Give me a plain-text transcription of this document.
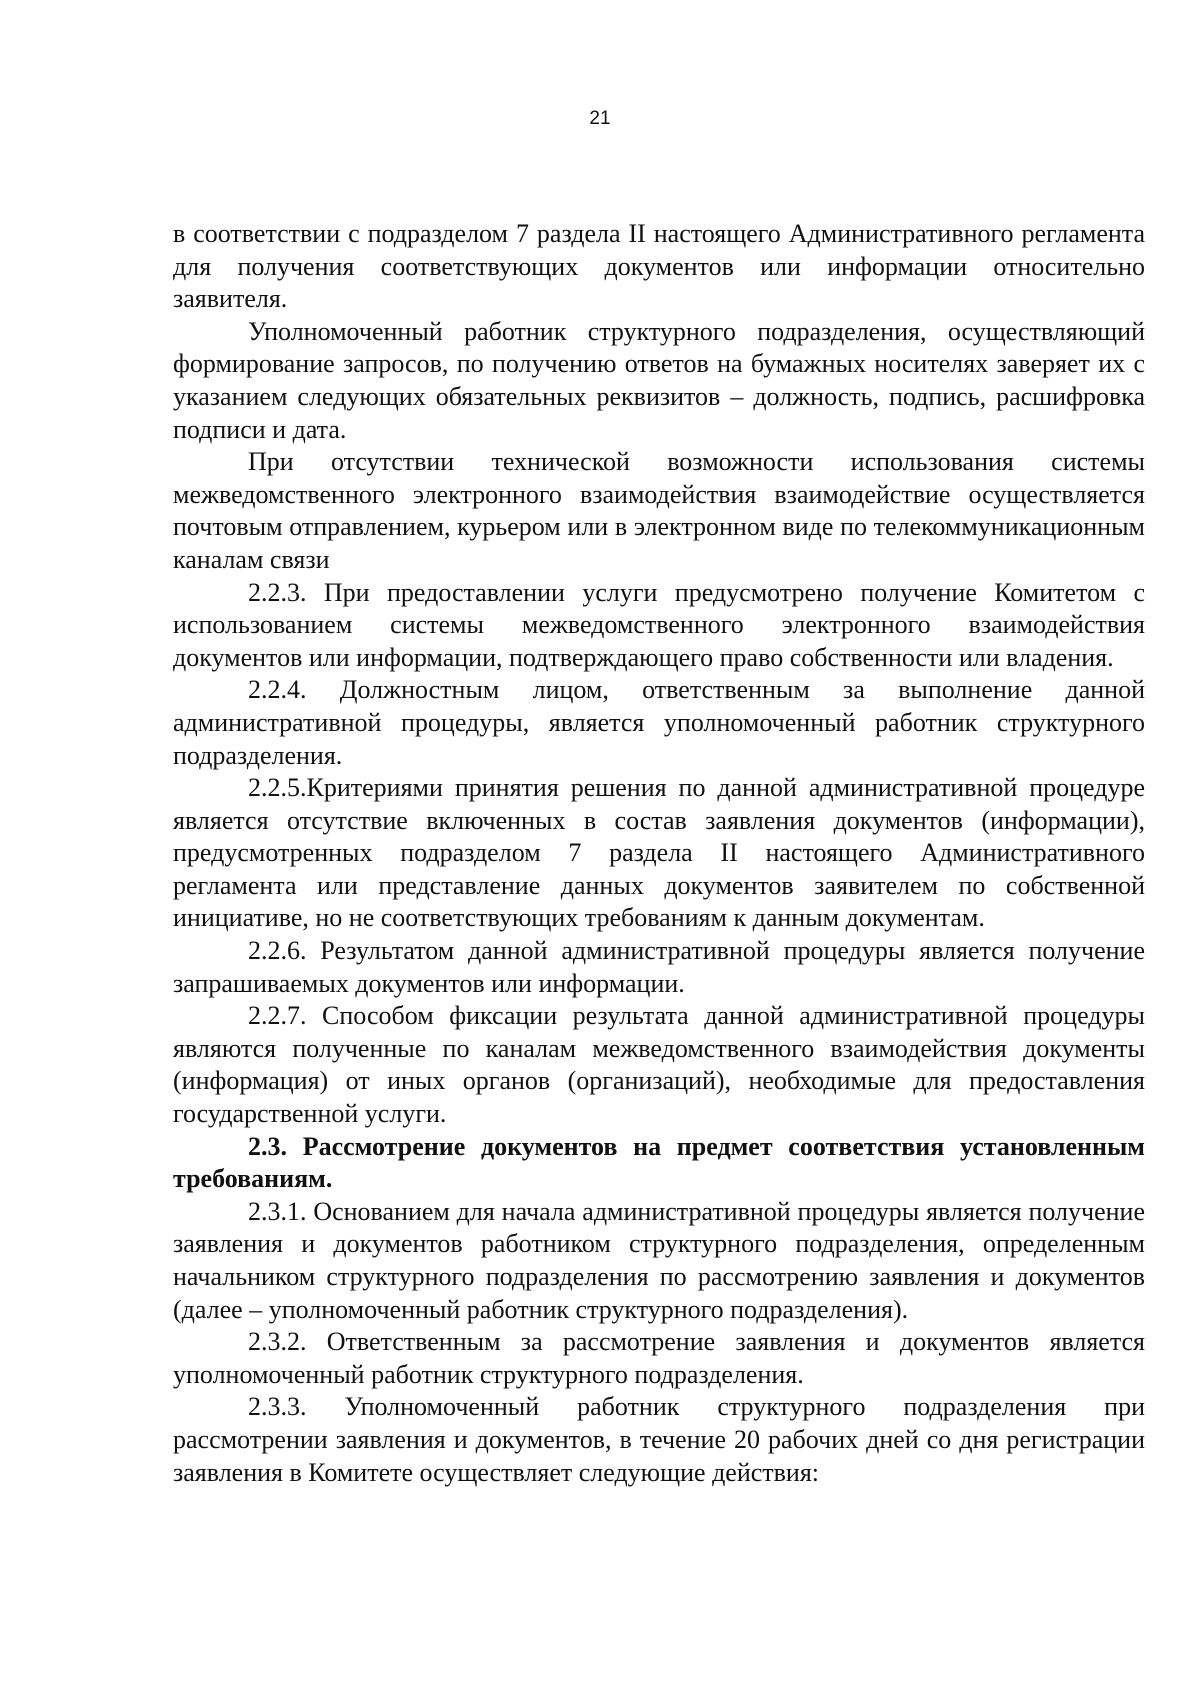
21

в соответствии с подразделом 7 раздела II настоящего Административного регламента для получения соответствующих документов или информации относительно заявителя.

Уполномоченный работник структурного подразделения, осуществляющий формирование запросов, по получению ответов на бумажных носителях заверяет их с указанием следующих обязательных реквизитов – должность, подпись, расшифровка подписи и дата.

При отсутствии технической возможности использования системы межведомственного электронного взаимодействия взаимодействие осуществляется почтовым отправлением, курьером или в электронном виде по телекоммуникационным каналам связи

2.2.3. При предоставлении услуги предусмотрено получение Комитетом с использованием системы межведомственного электронного взаимодействия документов или информации, подтверждающего право собственности или владения.

2.2.4. Должностным лицом, ответственным за выполнение данной административной процедуры, является уполномоченный работник структурного подразделения.

2.2.5.Критериями принятия решения по данной административной процедуре является отсутствие включенных в состав заявления документов (информации), предусмотренных подразделом 7 раздела II настоящего Административного регламента или представление данных документов заявителем по собственной инициативе, но не соответствующих требованиям к данным документам.

2.2.6. Результатом данной административной процедуры является получение запрашиваемых документов или информации.

2.2.7. Способом фиксации результата данной административной процедуры являются полученные по каналам межведомственного взаимодействия документы (информация) от иных органов (организаций), необходимые для предоставления государственной услуги.

2.3. Рассмотрение документов на предмет соответствия установленным требованиям.

2.3.1. Основанием для начала административной процедуры является получение заявления и документов работником структурного подразделения, определенным начальником структурного подразделения по рассмотрению заявления и документов (далее – уполномоченный работник структурного подразделения).

2.3.2. Ответственным за рассмотрение заявления и документов является уполномоченный работник структурного подразделения.

2.3.3. Уполномоченный работник структурного подразделения при рассмотрении заявления и документов, в течение 20 рабочих дней со дня регистрации заявления в Комитете осуществляет следующие действия:
